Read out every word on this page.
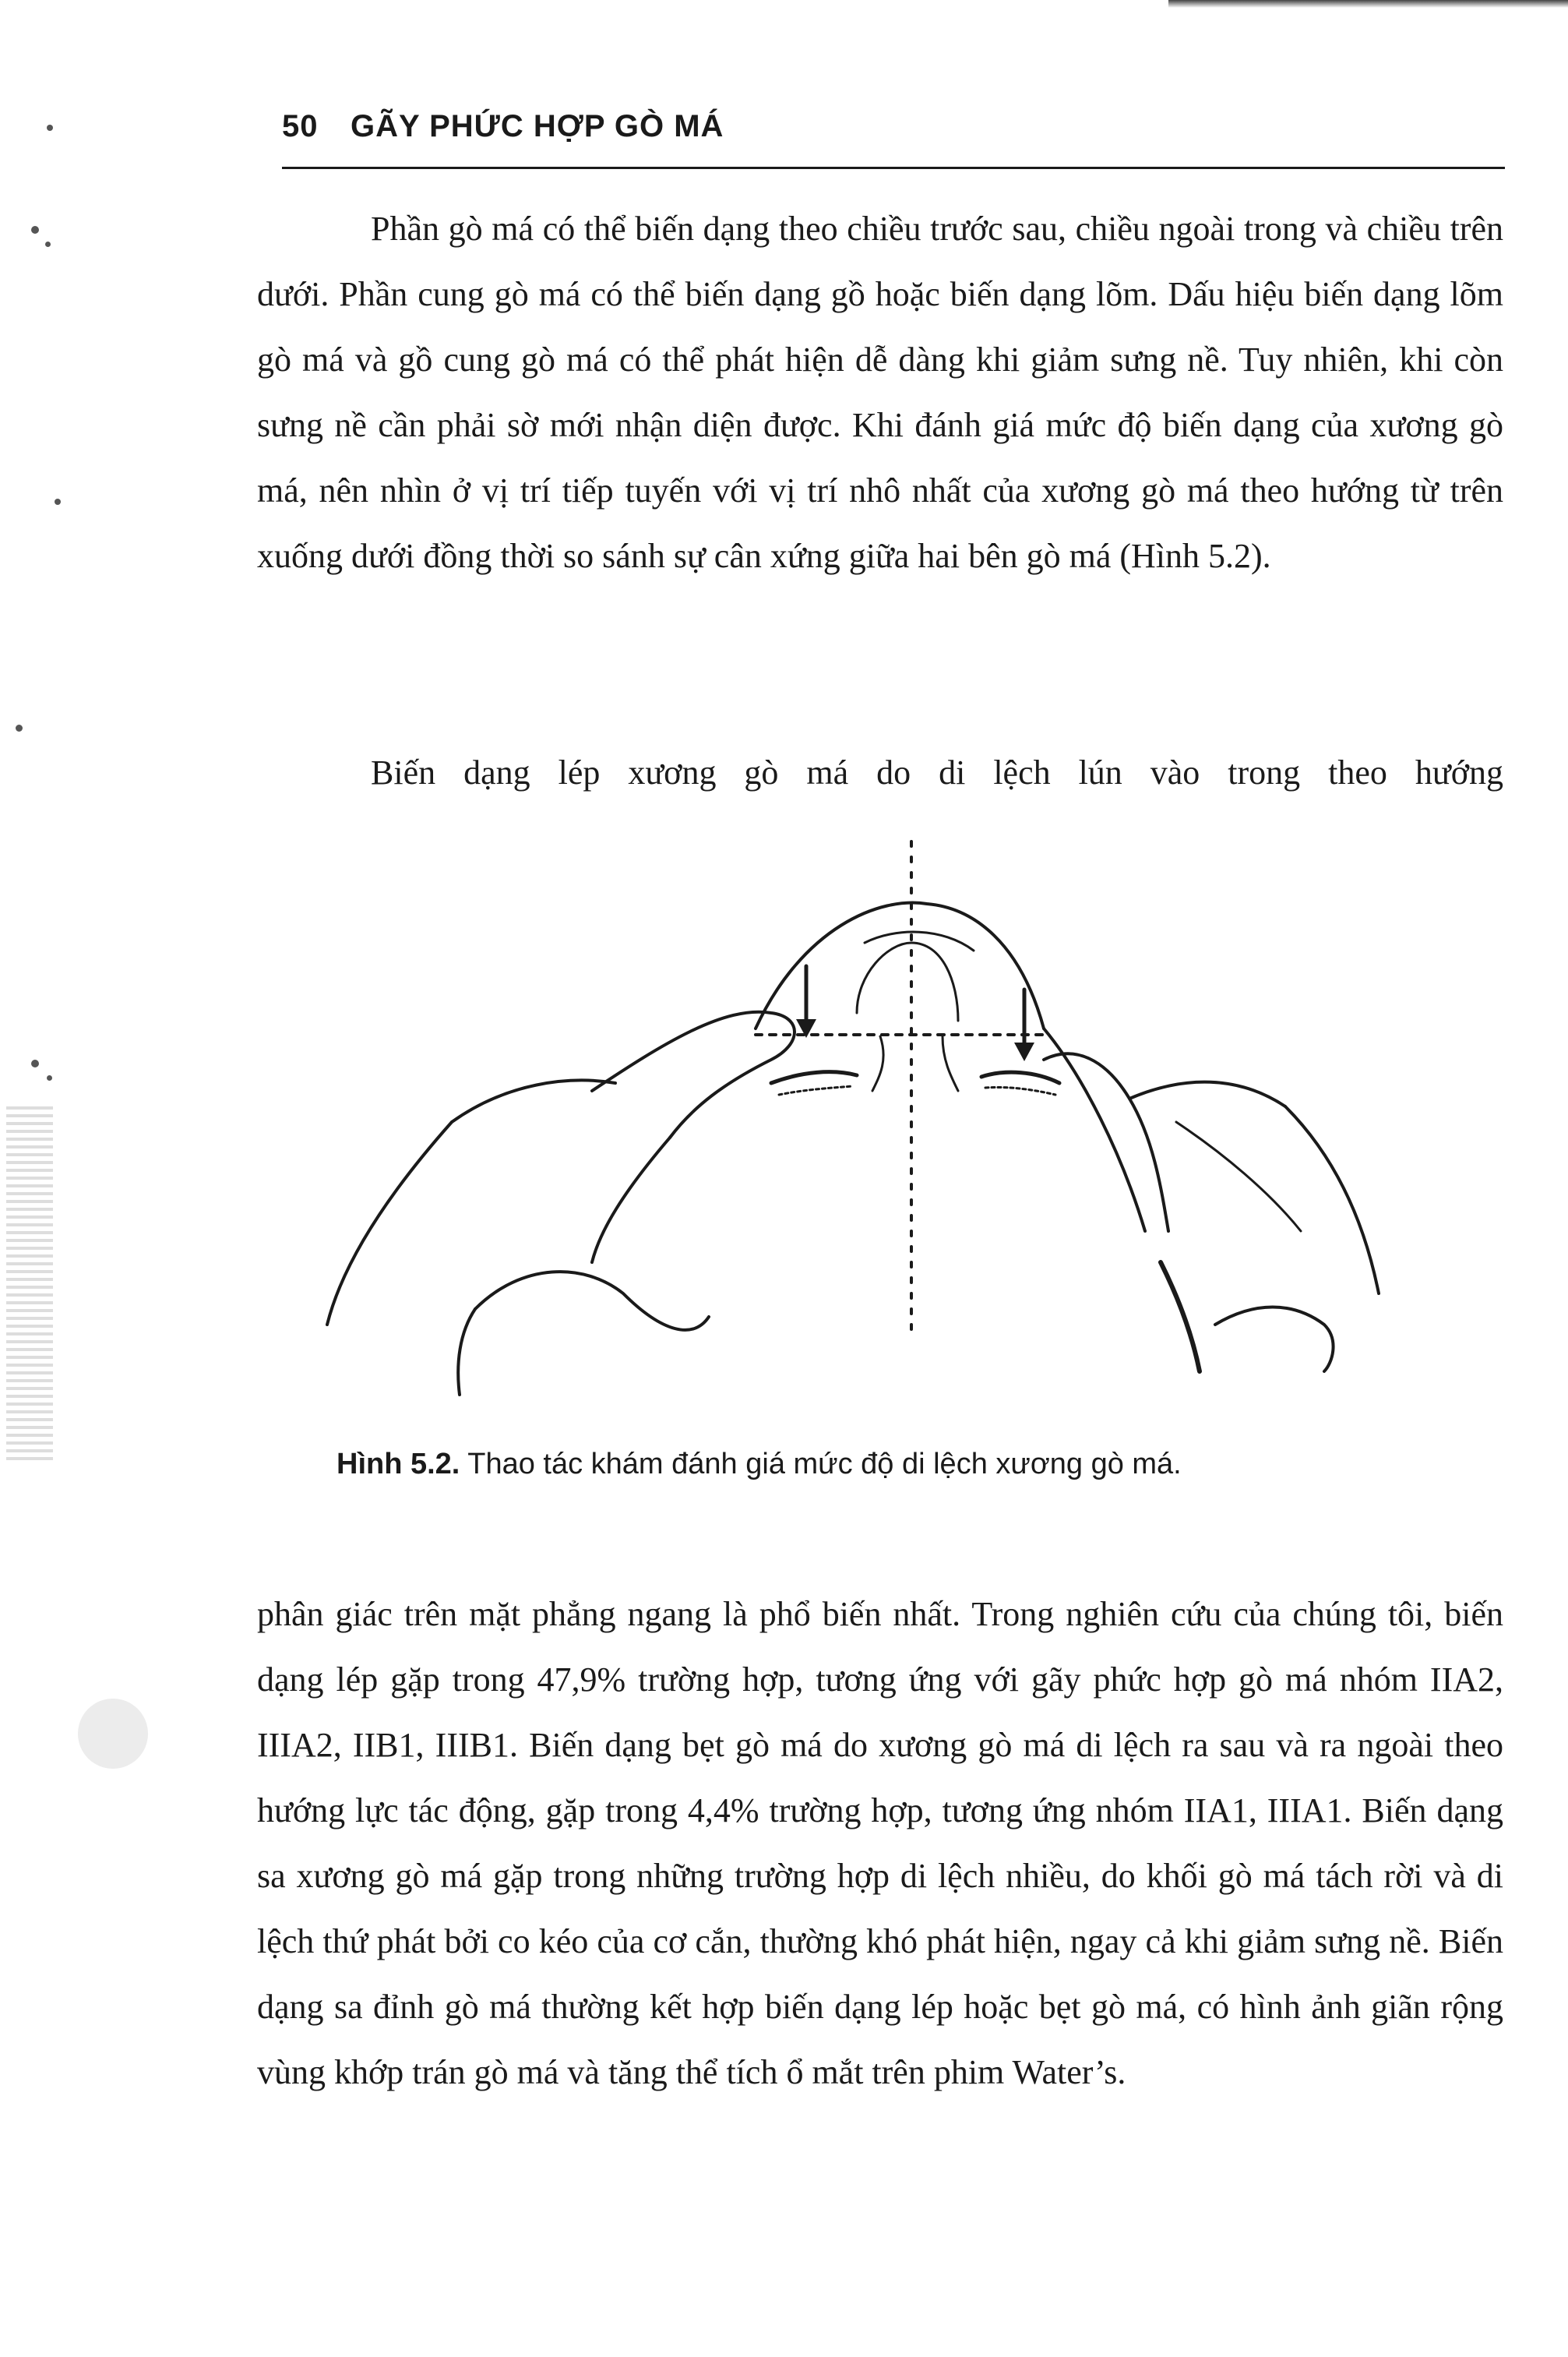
50 GÃY PHỨC HỢP GÒ MÁ

Phần gò má có thể biến dạng theo chiều trước sau, chiều ngoài trong và chiều trên dưới. Phần cung gò má có thể biến dạng gồ hoặc biến dạng lõm. Dấu hiệu biến dạng lõm gò má và gồ cung gò má có thể phát hiện dễ dàng khi giảm sưng nề. Tuy nhiên, khi còn sưng nề cần phải sờ mới nhận diện được. Khi đánh giá mức độ biến dạng của xương gò má, nên nhìn ở vị trí tiếp tuyến với vị trí nhô nhất của xương gò má theo hướng từ trên xuống dưới đồng thời so sánh sự cân xứng giữa hai bên gò má (Hình 5.2).

Biến dạng lép xương gò má do di lệch lún vào trong theo hướng

Hình 5.2. Thao tác khám đánh giá mức độ di lệch xương gò má.

phân giác trên mặt phẳng ngang là phổ biến nhất. Trong nghiên cứu của chúng tôi, biến dạng lép gặp trong 47,9% trường hợp, tương ứng với gãy phức hợp gò má nhóm IIA2, IIIA2, IIB1, IIIB1. Biến dạng bẹt gò má do xương gò má di lệch ra sau và ra ngoài theo hướng lực tác động, gặp trong 4,4% trường hợp, tương ứng nhóm IIA1, IIIA1. Biến dạng sa xương gò má gặp trong những trường hợp di lệch nhiều, do khối gò má tách rời và di lệch thứ phát bởi co kéo của cơ cắn, thường khó phát hiện, ngay cả khi giảm sưng nề. Biến dạng sa đỉnh gò má thường kết hợp biến dạng lép hoặc bẹt gò má, có hình ảnh giãn rộng vùng khớp trán gò má và tăng thể tích ổ mắt trên phim Water’s.
